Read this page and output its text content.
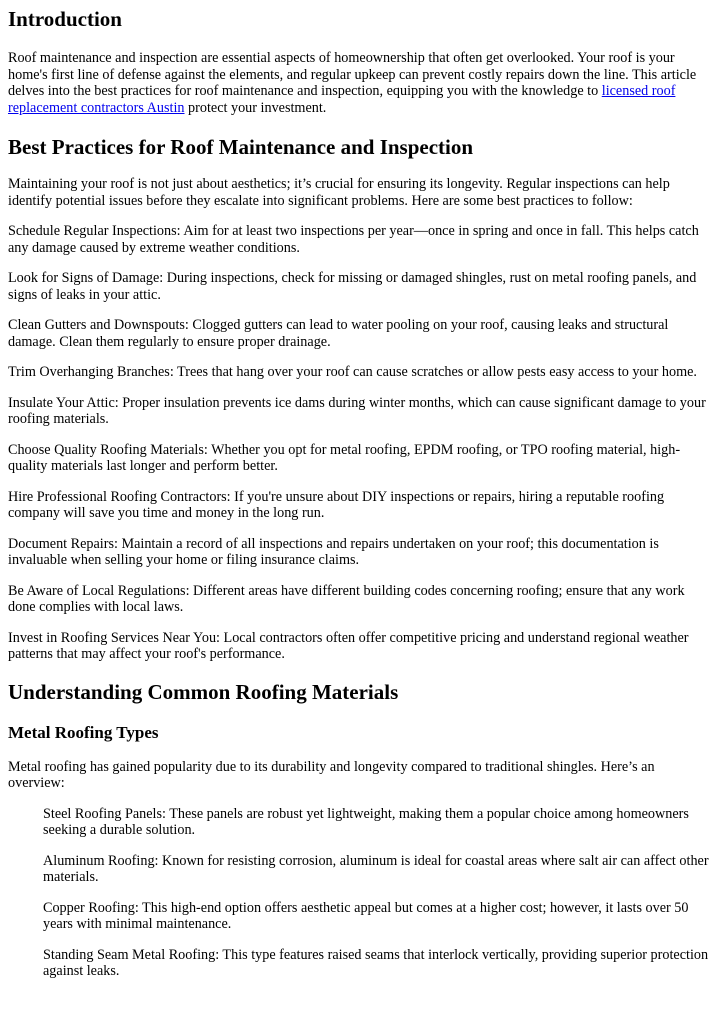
Introduction

Roof maintenance and inspection are essential aspects of homeownership that often get overlooked. Your roof is your home's first line of defense against the elements, and regular upkeep can prevent costly repairs down the line. This article delves into the best practices for roof maintenance and inspection, equipping you with the knowledge to licensed roof replacement contractors Austin protect your investment.

Best Practices for Roof Maintenance and Inspection

Maintaining your roof is not just about aesthetics; it’s crucial for ensuring its longevity. Regular inspections can help identify potential issues before they escalate into significant problems. Here are some best practices to follow:

Schedule Regular Inspections: Aim for at least two inspections per year—once in spring and once in fall. This helps catch any damage caused by extreme weather conditions.

Look for Signs of Damage: During inspections, check for missing or damaged shingles, rust on metal roofing panels, and signs of leaks in your attic.

Clean Gutters and Downspouts: Clogged gutters can lead to water pooling on your roof, causing leaks and structural damage. Clean them regularly to ensure proper drainage.

Trim Overhanging Branches: Trees that hang over your roof can cause scratches or allow pests easy access to your home.

Insulate Your Attic: Proper insulation prevents ice dams during winter months, which can cause significant damage to your roofing materials.

Choose Quality Roofing Materials: Whether you opt for metal roofing, EPDM roofing, or TPO roofing material, high-quality materials last longer and perform better.

Hire Professional Roofing Contractors: If you're unsure about DIY inspections or repairs, hiring a reputable roofing company will save you time and money in the long run.

Document Repairs: Maintain a record of all inspections and repairs undertaken on your roof; this documentation is invaluable when selling your home or filing insurance claims.

Be Aware of Local Regulations: Different areas have different building codes concerning roofing; ensure that any work done complies with local laws.

Invest in Roofing Services Near You: Local contractors often offer competitive pricing and understand regional weather patterns that may affect your roof's performance.

Understanding Common Roofing Materials
Metal Roofing Types

Metal roofing has gained popularity due to its durability and longevity compared to traditional shingles. Here’s an overview:

Steel Roofing Panels: These panels are robust yet lightweight, making them a popular choice among homeowners seeking a durable solution.
Aluminum Roofing: Known for resisting corrosion, aluminum is ideal for coastal areas where salt air can affect other materials.
Copper Roofing: This high-end option offers aesthetic appeal but comes at a higher cost; however, it lasts over 50 years with minimal maintenance.
Standing Seam Metal Roofing: This type features raised seams that interlock vertically, providing superior protection against leaks.
